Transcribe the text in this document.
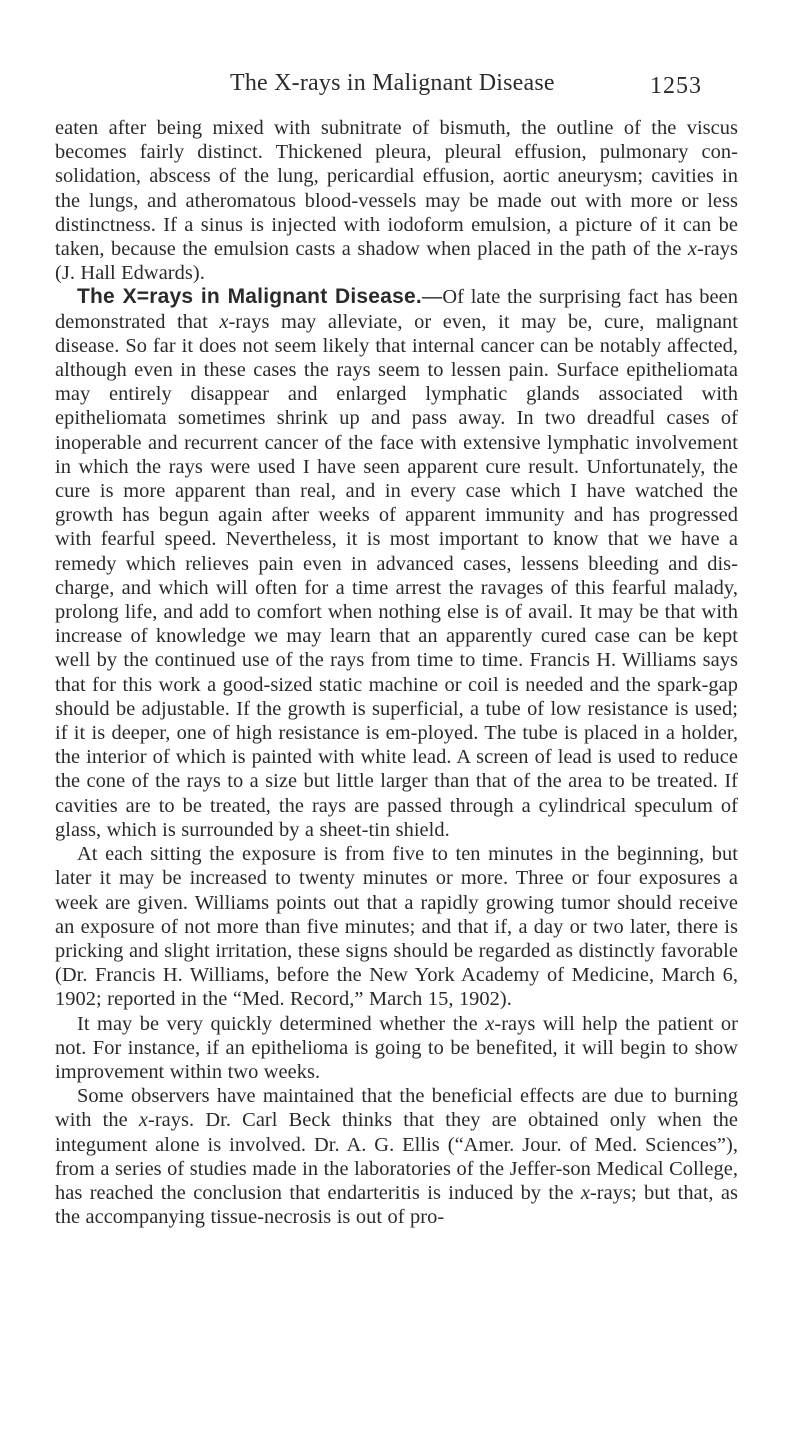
The X-rays in Malignant Disease	1253

eaten after being mixed with subnitrate of bismuth, the outline of the viscus becomes fairly distinct. Thickened pleura, pleural effusion, pulmonary con-solidation, abscess of the lung, pericardial effusion, aortic aneurysm; cavities in the lungs, and atheromatous blood-vessels may be made out with more or less distinctness. If a sinus is injected with iodoform emulsion, a picture of it can be taken, because the emulsion casts a shadow when placed in the path of the x-rays (J. Hall Edwards).

The X=rays in Malignant Disease.—Of late the surprising fact has been demonstrated that x-rays may alleviate, or even, it may be, cure, malignant disease. So far it does not seem likely that internal cancer can be notably affected, although even in these cases the rays seem to lessen pain. Surface epitheliomata may entirely disappear and enlarged lymphatic glands associated with epitheliomata sometimes shrink up and pass away. In two dreadful cases of inoperable and recurrent cancer of the face with extensive lymphatic involvement in which the rays were used I have seen apparent cure result. Unfortunately, the cure is more apparent than real, and in every case which I have watched the growth has begun again after weeks of apparent immunity and has progressed with fearful speed. Nevertheless, it is most important to know that we have a remedy which relieves pain even in advanced cases, lessens bleeding and dis-charge, and which will often for a time arrest the ravages of this fearful malady, prolong life, and add to comfort when nothing else is of avail. It may be that with increase of knowledge we may learn that an apparently cured case can be kept well by the continued use of the rays from time to time. Francis H. Williams says that for this work a good-sized static machine or coil is needed and the spark-gap should be adjustable. If the growth is superficial, a tube of low resistance is used; if it is deeper, one of high resistance is em-ployed. The tube is placed in a holder, the interior of which is painted with white lead. A screen of lead is used to reduce the cone of the rays to a size but little larger than that of the area to be treated. If cavities are to be treated, the rays are passed through a cylindrical speculum of glass, which is surrounded by a sheet-tin shield.

At each sitting the exposure is from five to ten minutes in the beginning, but later it may be increased to twenty minutes or more. Three or four exposures a week are given. Williams points out that a rapidly growing tumor should receive an exposure of not more than five minutes; and that if, a day or two later, there is pricking and slight irritation, these signs should be regarded as distinctly favorable (Dr. Francis H. Williams, before the New York Academy of Medicine, March 6, 1902; reported in the “Med. Record,” March 15, 1902).

It may be very quickly determined whether the x-rays will help the patient or not. For instance, if an epithelioma is going to be benefited, it will begin to show improvement within two weeks.

Some observers have maintained that the beneficial effects are due to burning with the x-rays. Dr. Carl Beck thinks that they are obtained only when the integument alone is involved. Dr. A. G. Ellis (“Amer. Jour. of Med. Sciences”), from a series of studies made in the laboratories of the Jeffer-son Medical College, has reached the conclusion that endarteritis is induced by the x-rays; but that, as the accompanying tissue-necrosis is out of pro-
